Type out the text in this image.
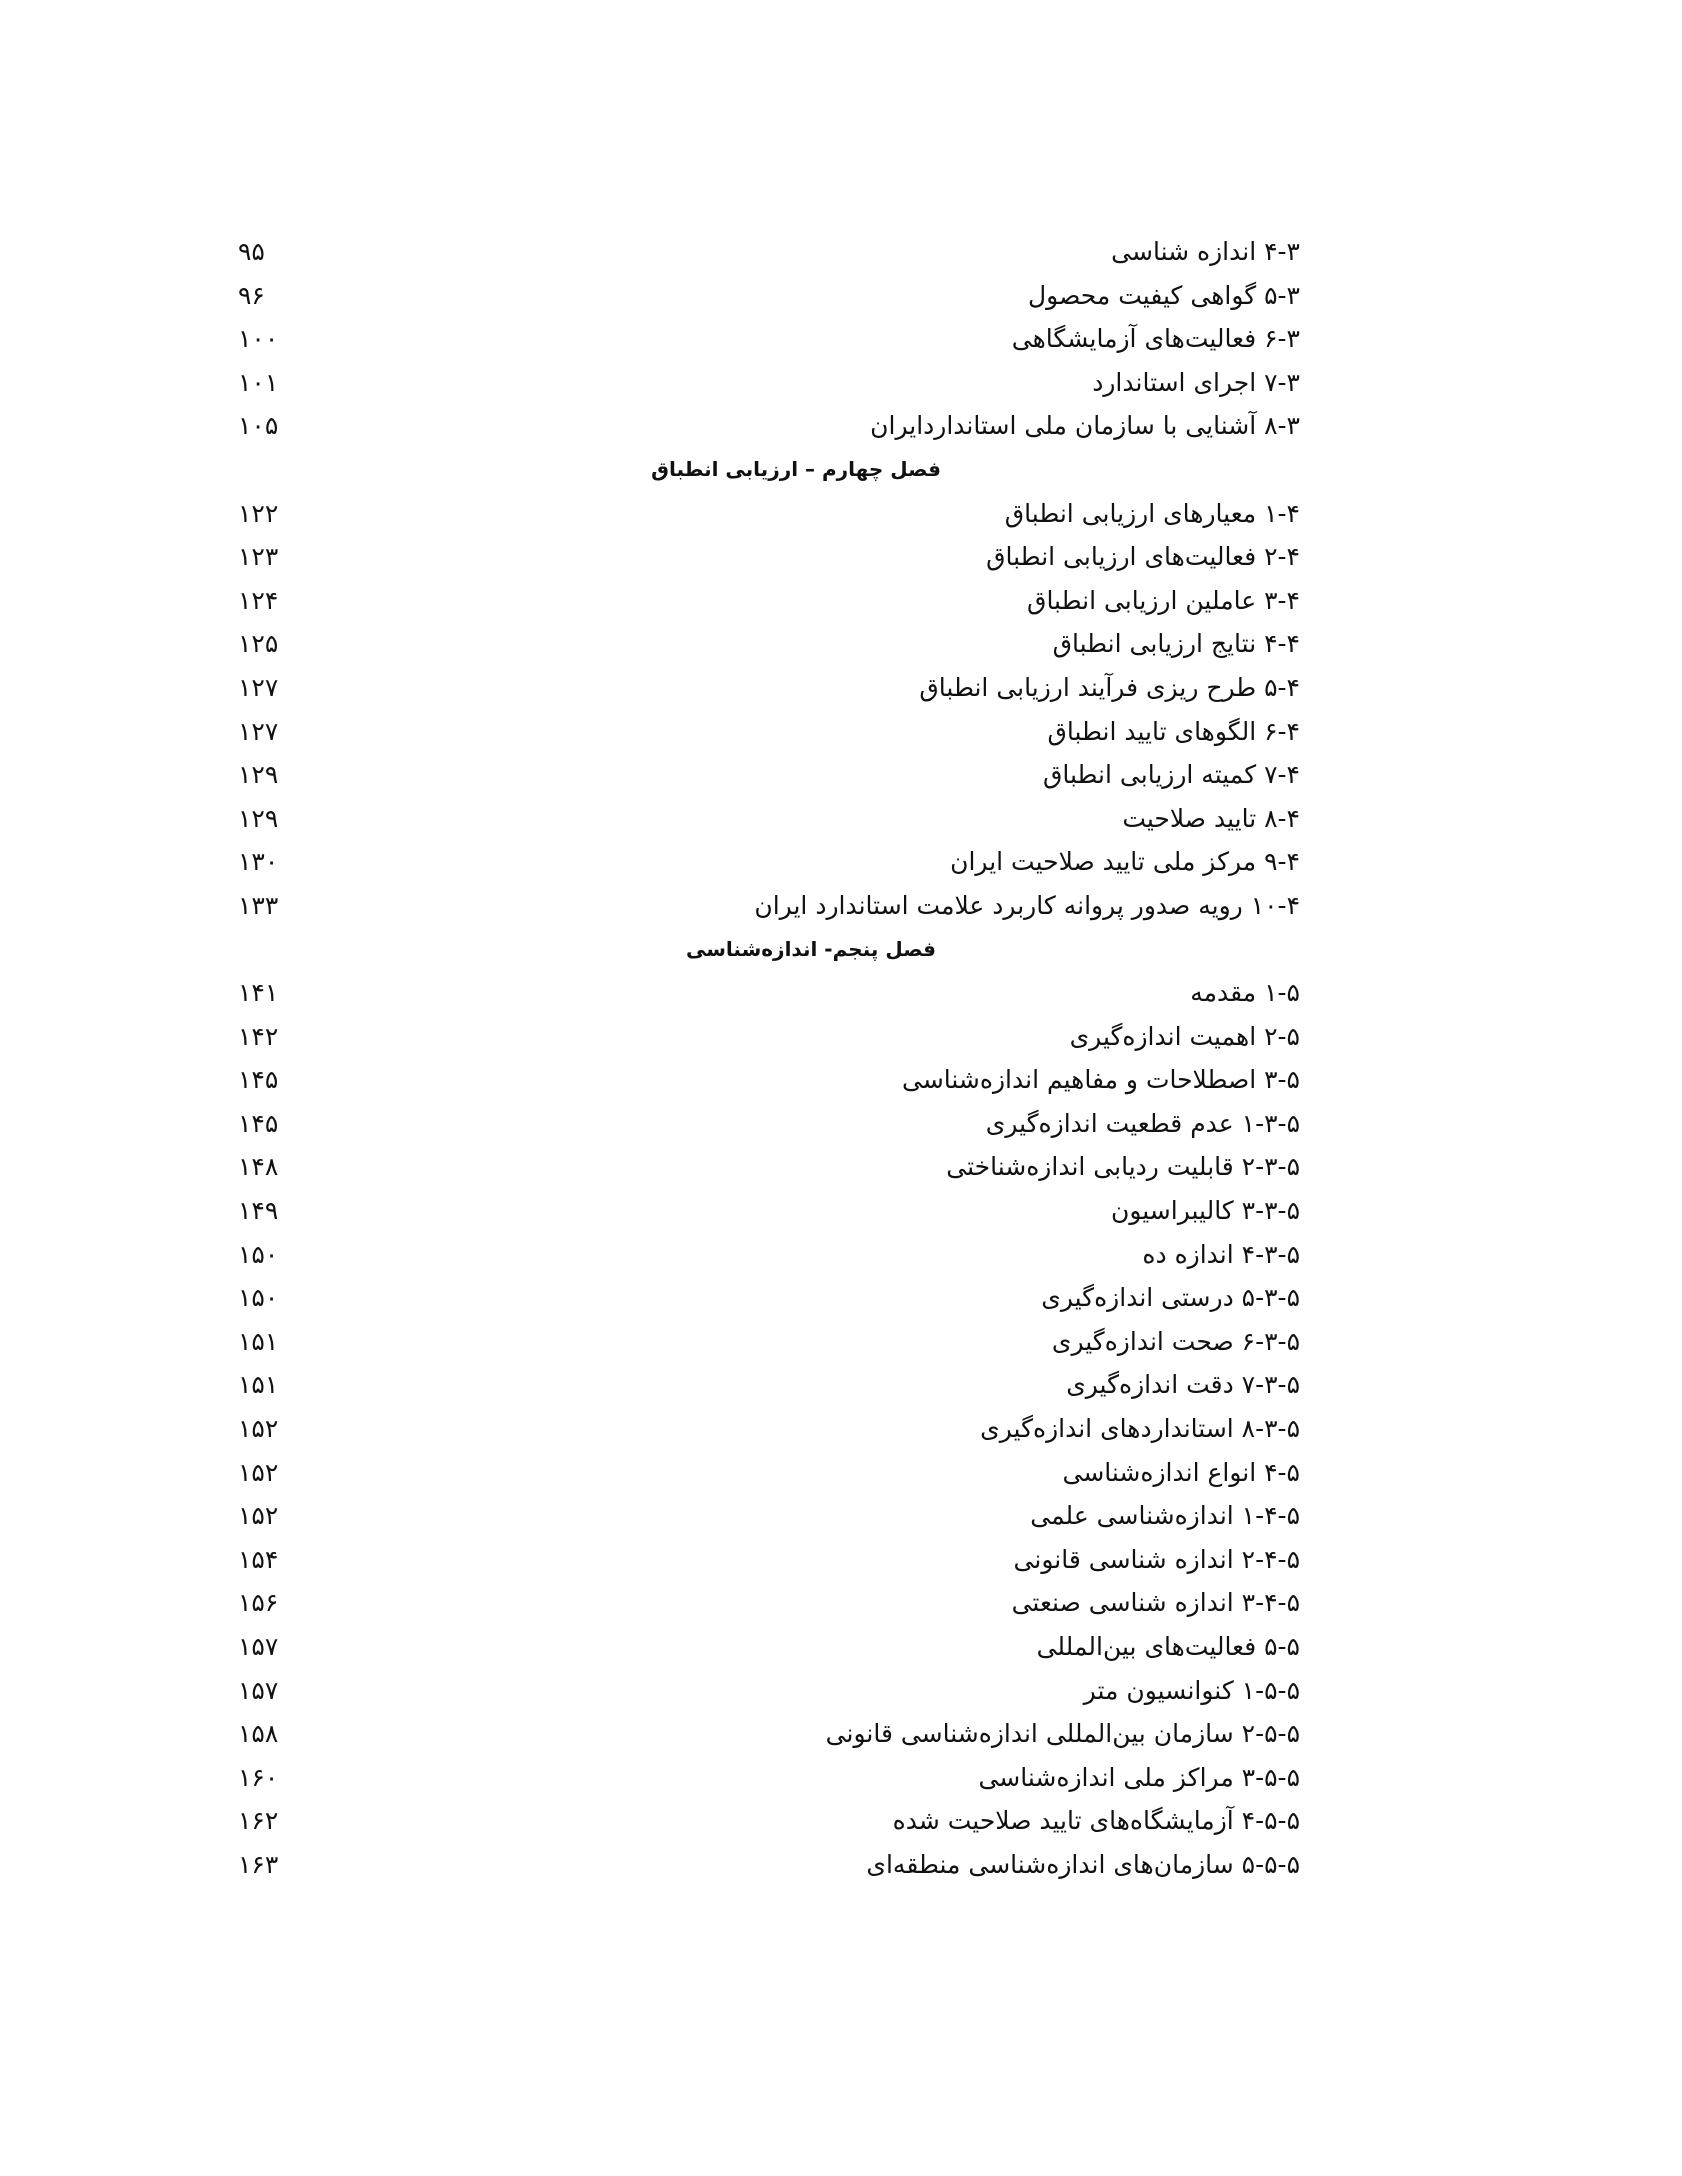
۴-۳ اندازه شناسی
۹۵
۵-۳ گواهی کیفیت محصول
۹۶
۶-۳ فعالیت‌های آزمایشگاهی
۱۰۰
۷-۳ اجرای استاندارد
۱۰۱
۸-۳ آشنایی با سازمان ملی استاندارد‌ایران
۱۰۵
فصل چهارم – ارزیابی انطباق
۱-۴ معیارهای ارزیابی انطباق
۱۲۲
۲-۴ فعالیت‌های ارزیابی انطباق
۱۲۳
۳-۴ عاملین ارزیابی انطباق
۱۲۴
۴-۴ نتایج ارزیابی انطباق
۱۲۵
۵-۴ طرح ریزی فرآیند ارزیابی انطباق
۱۲۷
۶-۴ الگوهای تایید انطباق
۱۲۷
۷-۴ کمیته ارزیابی انطباق
۱۲۹
۸-۴ تایید صلاحیت
۱۲۹
۹-۴ مرکز ملی تایید صلاحیت ایران
۱۳۰
۱۰-۴ رویه صدور پروانه کاربرد علامت استاندارد ایران
۱۳۳
فصل پنجم- اندازه‌شناسی
۱-۵ مقدمه
۱۴۱
۲-۵ اهمیت اندازه‌گیری
۱۴۲
۳-۵ اصطلاحات و مفاهیم اندازه‌شناسی
۱۴۵
۱-۳-۵ عدم قطعیت اندازه‌گیری
۱۴۵
۲-۳-۵ قابلیت ردیابی اندازه‌شناختی
۱۴۸
۳-۳-۵ کالیبراسیون
۱۴۹
۴-۳-۵ اندازه ده
۱۵۰
۵-۳-۵ درستی اندازه‌گیری
۱۵۰
۶-۳-۵ صحت اندازه‌گیری
۱۵۱
۷-۳-۵ دقت اندازه‌گیری
۱۵۱
۸-۳-۵ استانداردهای اندازه‌گیری
۱۵۲
۴-۵ انواع اندازه‌شناسی
۱۵۲
۱-۴-۵ اندازه‌شناسی علمی
۱۵۲
۲-۴-۵ اندازه شناسی قانونی
۱۵۴
۳-۴-۵ اندازه شناسی صنعتی
۱۵۶
۵-۵ فعالیت‌های بین‌المللی
۱۵۷
۱-۵-۵ کنوانسیون متر
۱۵۷
۲-۵-۵ سازمان بین‌المللی اندازه‌شناسی قانونی
۱۵۸
۳-۵-۵ مراکز ملی اندازه‌شناسی
۱۶۰
۴-۵-۵ آزمایشگاه‌های تایید صلاحیت شده
۱۶۲
۵-۵-۵ سازمان‌های اندازه‌شناسی منطقه‌ای
۱۶۳
